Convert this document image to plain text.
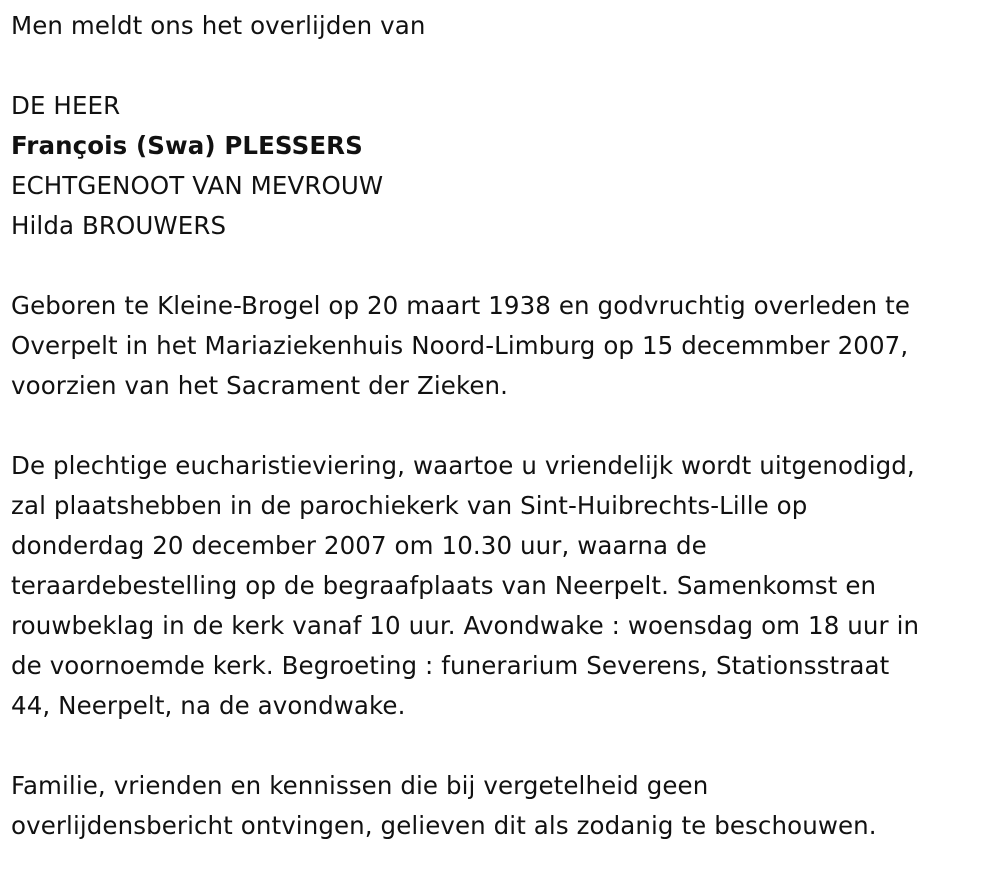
Men meldt ons het overlijden van
DE HEER
François (Swa) PLESSERS
ECHTGENOOT VAN MEVROUW
Hilda BROUWERS
Geboren te Kleine-Brogel op 20 maart 1938 en godvruchtig overleden te
Overpelt in het Mariaziekenhuis Noord-Limburg op 15 decemmber 2007,
voorzien van het Sacrament der Zieken.
De plechtige eucharistieviering, waartoe u vriendelijk wordt uitgenodigd,
zal plaatshebben in de parochiekerk van Sint-Huibrechts-Lille op
donderdag 20 december 2007 om 10.30 uur, waarna de
teraardebestelling op de begraafplaats van Neerpelt. Samenkomst en
rouwbeklag in de kerk vanaf 10 uur. Avondwake : woensdag om 18 uur in
de voornoemde kerk. Begroeting : funerarium Severens, Stationsstraat
44, Neerpelt, na de avondwake.
Familie, vrienden en kennissen die bij vergetelheid geen
overlijdensbericht ontvingen, gelieven dit als zodanig te beschouwen.
